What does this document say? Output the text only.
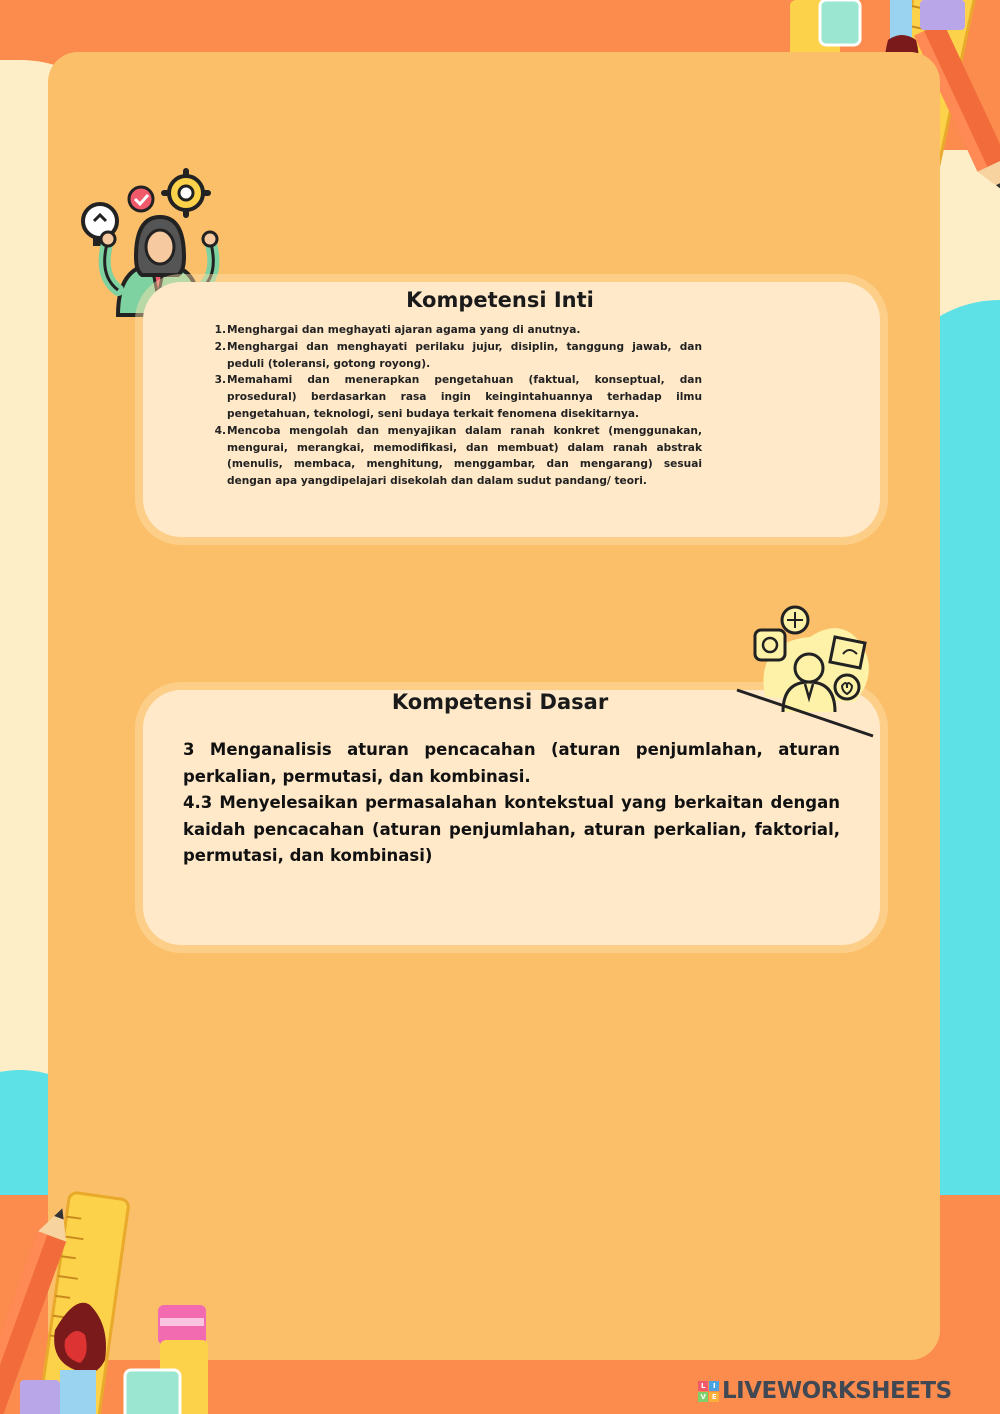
Kompetensi Inti
1. Menghargai dan meghayati ajaran agama yang di anutnya.
2. Menghargai dan menghayati perilaku jujur, disiplin, tanggung jawab, dan peduli (toleransi, gotong royong).
3. Memahami dan menerapkan pengetahuan (faktual, konseptual, dan prosedural) berdasarkan rasa ingin keingintahuannya terhadap ilmu pengetahuan, teknologi, seni budaya terkait fenomena disekitarnya.
4. Mencoba mengolah dan menyajikan dalam ranah konkret (menggunakan, mengurai, merangkai, memodifikasi, dan membuat) dalam ranah abstrak (menulis, membaca, menghitung, menggambar, dan mengarang) sesuai dengan apa yangdipelajari disekolah dan dalam sudut pandang/ teori.
Kompetensi Dasar

3 Menganalisis aturan pencacahan (aturan penjumlahan, aturan perkalian, permutasi, dan kombinasi.

4.3 Menyelesaikan permasalahan kontekstual yang berkaitan dengan kaidah pencacahan (aturan penjumlahan, aturan perkalian, faktorial, permutasi, dan kombinasi)

L	I
V E LIVEWORKSHEETS
